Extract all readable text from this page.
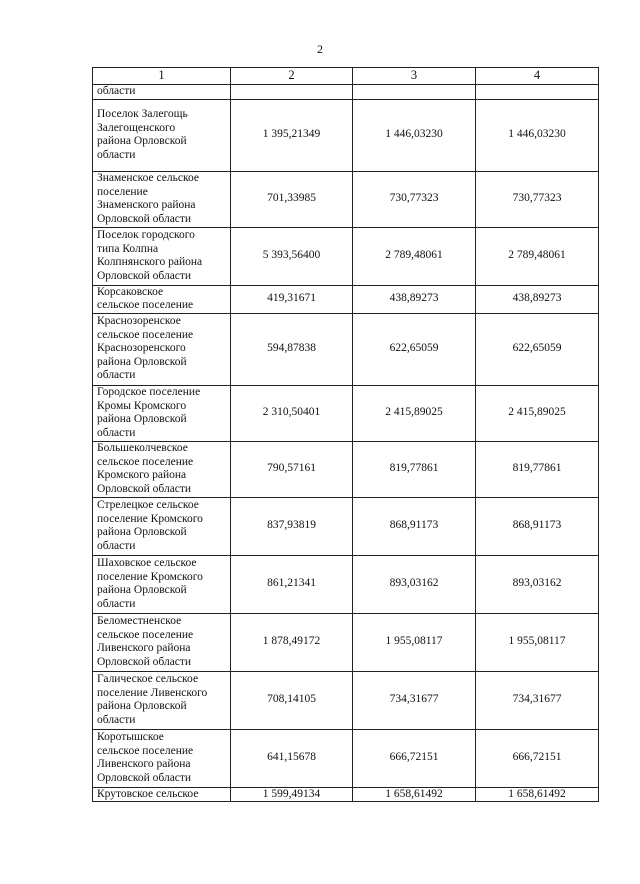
2
1	2	3	4

области			

Поселок Залегощь
Залегощенского
района Орловской
области	1 395,21349	1 446,03230	1 446,03230

Знаменское сельское
поселение
Знаменского района
Орловской области	701,33985	730,77323	730,77323

Поселок городского
типа Колпна
Колпнянского района
Орловской области	5 393,56400	2 789,48061	2 789,48061

Корсаковское
сельское поселение	419,31671	438,89273	438,89273

Краснозоренское
сельское поселение
Краснозоренского
района Орловской
области	594,87838	622,65059	622,65059

Городское поселение
Кромы Кромского
района Орловской
области	2 310,50401	2 415,89025	2 415,89025

Большеколчевское
сельское поселение
Кромского района
Орловской области	790,57161	819,77861	819,77861

Стрелецкое сельское
поселение Кромского
района Орловской
области	837,93819	868,91173	868,91173

Шаховское сельское
поселение Кромского
района Орловской
области	861,21341	893,03162	893,03162

Беломестненское
сельское поселение
Ливенского района
Орловской области	1 878,49172	1 955,08117	1 955,08117

Галическое сельское
поселение Ливенского
района Орловской
области	708,14105	734,31677	734,31677

Коротышское
сельское поселение
Ливенского района
Орловской области	641,15678	666,72151	666,72151

Крутовское сельское	1 599,49134	1 658,61492	1 658,61492
